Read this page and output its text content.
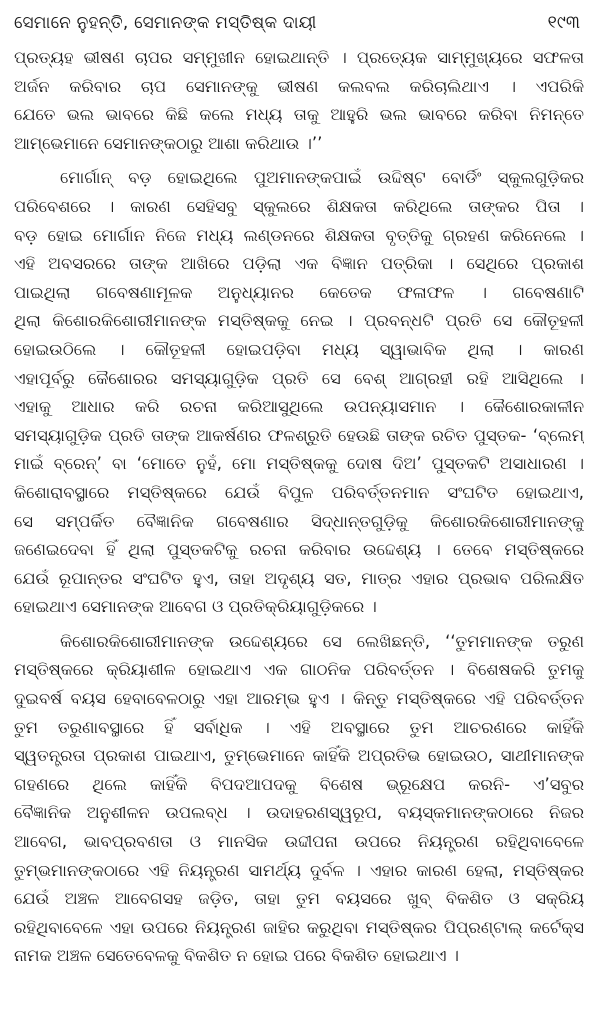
ସେମାନେ ନୁହନ୍ତି, ସେମାନଙ୍କ ମସ୍ତିଷ୍କ ଦାୟୀ	୧୯୩
ପ୍ରତ୍ୟହ ଭୀଷଣ ଚାପର ସମ୍ମୁଖୀନ ହୋଇଥାନ୍ତି । ପ୍ରତ୍ୟେକ ସାମ୍ମୁଖ୍ୟରେ ସଫଳତା
ଅର୍ଜନ କରିବାର ଚାପ ସେମାନଙ୍କୁ ଭୀଷଣ କଲବଲ କରିଚାଲିଥାଏ । ଏପରିକି
ଯେତେ ଭଲ ଭାବରେ କିଛି କଲେ ମଧ୍ୟ ତାକୁ ଆହୁରି ଭଲ ଭାବରେ କରିବା ନିମନ୍ତେ
ଆମ୍ଭେମାନେ ସେମାନଙ୍କଠାରୁ ଆଶା କରିଥାଉ ।’’
ମୋର୍ଗାନ୍ ବଡ଼ ହୋଇଥିଲେ ପୁଅମାନଙ୍କପାଇଁ ଉଦ୍ଦିଷ୍ଟ ବୋର୍ଡିଂ ସ୍କୁଲଗୁଡ଼ିକର
ପରିବେଶରେ । କାରଣ ସେହିସବୁ ସ୍କୁଲରେ ଶିକ୍ଷକତା କରିଥିଲେ ତାଙ୍କର ପିତା ।
ବଡ଼ ହୋଇ ମୋର୍ଗାନ ନିଜେ ମଧ୍ୟ ଲଣ୍ଡନରେ ଶିକ୍ଷକତା ବୃତ୍ତିକୁ ଗ୍ରହଣ କରିନେଲେ ।
ଏହି ଅବସରରେ ତାଙ୍କ ଆଖିରେ ପଡ଼ିଲା ଏକ ବିଜ୍ଞାନ ପତ୍ରିକା । ସେଥିରେ ପ୍ରକାଶ
ପାଇଥିଲା ଗବେଷଣାମୂଳକ ଅନୁଧ୍ୟାନର କେତେକ ଫଳାଫଳ । ଗବେଷଣାଟି
ଥିଲା କିଶୋରକିଶୋରୀମାନଙ୍କ ମସ୍ତିଷ୍କକୁ ନେଇ । ପ୍ରବନ୍ଧଟି ପ୍ରତି ସେ କୌତୂହଳୀ
ହୋଇଉଠିଲେ । କୌତୂହଳୀ ହୋଇପଡ଼ିବା ମଧ୍ୟ ସ୍ୱାଭାବିକ ଥିଲା । କାରଣ
ଏହାପୂର୍ବରୁ କୈଶୋରର ସମସ୍ୟାଗୁଡ଼ିକ ପ୍ରତି ସେ ବେଶ୍ ଆଗ୍ରହୀ ରହି ଆସିଥିଲେ ।
ଏହାକୁ ଆଧାର କରି ରଚନା କରିଆସୁଥିଲେ ଉପନ୍ୟାସମାନ । କୈଶୋରକାଳୀନ
ସମସ୍ୟାଗୁଡ଼ିକ ପ୍ରତି ତାଙ୍କ ଆକର୍ଷଣର ଫଳଶ୍ରୁତି ହେଉଛି ତାଙ୍କ ରଚିତ ପୁସ୍ତକ- ‘ବ୍ଲେମ୍
ମାଇଁ ବ୍ରେନ୍’ ବା ‘ମୋତେ ନୁହଁ, ମୋ ମସ୍ତିଷ୍କକୁ ଦୋଷ ଦିଅ’ ପୁସ୍ତକଟି ଅସାଧାରଣ ।
କିଶୋରାବସ୍ଥାରେ ମସ୍ତିଷ୍କରେ ଯେଉଁ ବିପୁଳ ପରିବର୍ତ୍ତନମାନ ସଂଘଟିତ ହୋଇଥାଏ,
ସେ ସମ୍ପର୍କିତ ବୈଜ୍ଞାନିକ ଗବେଷଣାର ସିଦ୍ଧାନ୍ତଗୁଡ଼ିକୁ କିଶୋରକିଶୋରୀମାନଙ୍କୁ
ଜଣେଇଦେବା ହିଁ ଥିଲା ପୁସ୍ତକଟିକୁ ରଚନା କରିବାର ଉଦ୍ଦେଶ୍ୟ । ତେବେ ମସ୍ତିଷ୍କରେ
ଯେଉଁ ରୂପାନ୍ତର ସଂଘଟିତ ହୁଏ, ତାହା ଅଦୃଶ୍ୟ ସତ, ମାତ୍ର ଏହାର ପ୍ରଭାବ ପରିଲକ୍ଷିତ
ହୋଇଥାଏ ସେମାନଙ୍କ ଆବେଗ ଓ ପ୍ରତିକ୍ରିୟାଗୁଡ଼ିକରେ ।
କିଶୋରକିଶୋରୀମାନଙ୍କ ଉଦ୍ଦେଶ୍ୟରେ ସେ ଲେଖିଛନ୍ତି, ‘‘ତୁମମାନଙ୍କ ତରୁଣ
ମସ୍ତିଷ୍କରେ କ୍ରିୟାଶୀଳ ହୋଇଥାଏ ଏକ ଗାଠନିକ ପରିବର୍ତ୍ତନ । ବିଶେଷକରି ତୁମକୁ
ଦୁଇବର୍ଷ ବୟସ ହେବାବେଳଠାରୁ ଏହା ଆରମ୍ଭ ହୁଏ । କିନ୍ତୁ ମସ୍ତିଷ୍କରେ ଏହି ପରିବର୍ତ୍ତନ
ତୁମ ତରୁଣାବସ୍ଥାରେ ହିଁ ସର୍ବାଧିକ । ଏହି ଅବସ୍ଥାରେ ତୁମ ଆଚରଣରେ କାହିଁକି
ସ୍ୱତନ୍ତ୍ରତା ପ୍ରକାଶ ପାଇଥାଏ, ତୁମ୍ଭେମାନେ କାହିଁକି ଅପ୍ରତିଭ ହୋଇଉଠ, ସାଥୀମାନଙ୍କ
ଗହଣରେ ଥିଲେ କାହିଁକି ବିପଦଆପଦକୁ ବିଶେଷ ଭ୍ରୂକ୍ଷେପ କରନି- ଏ’ସବୁର
ବୈଜ୍ଞାନିକ ଅନୁଶୀଳନ ଉପଲବ୍ଧ । ଉଦାହରଣସ୍ୱରୂପ, ବୟସ୍କମାନଙ୍କଠାରେ ନିଜର
ଆବେଗ, ଭାବପ୍ରବଣତା ଓ ମାନସିକ ଉଦ୍ଦୀପନା ଉପରେ ନିୟନ୍ତ୍ରଣ ରହିଥିବାବେଳେ
ତୁମ୍ଭମାନଙ୍କଠାରେ ଏହି ନିୟନ୍ତ୍ରଣ ସାମର୍ଥ୍ୟ ଦୁର୍ବଳ । ଏହାର କାରଣ ହେଲା, ମସ୍ତିଷ୍କର
ଯେଉଁ ଅଞ୍ଚଳ ଆବେଗସହ ଜଡ଼ିତ, ତାହା ତୁମ ବୟସରେ ଖୁବ୍ ବିକଶିତ ଓ ସକ୍ରିୟ
ରହିଥିବାବେଳେ ଏହା ଉପରେ ନିୟନ୍ତ୍ରଣ ଜାହିର କରୁଥିବା ମସ୍ତିଷ୍କର ପିପ୍ରଣ୍ଟାଲ୍ କର୍ଟେକ୍ସ
ନାମକ ଅଞ୍ଚଳ ସେତେବେଳକୁ ବିକଶିତ ନ ହୋଇ ପରେ ବିକଶିତ ହୋଇଥାଏ ।
